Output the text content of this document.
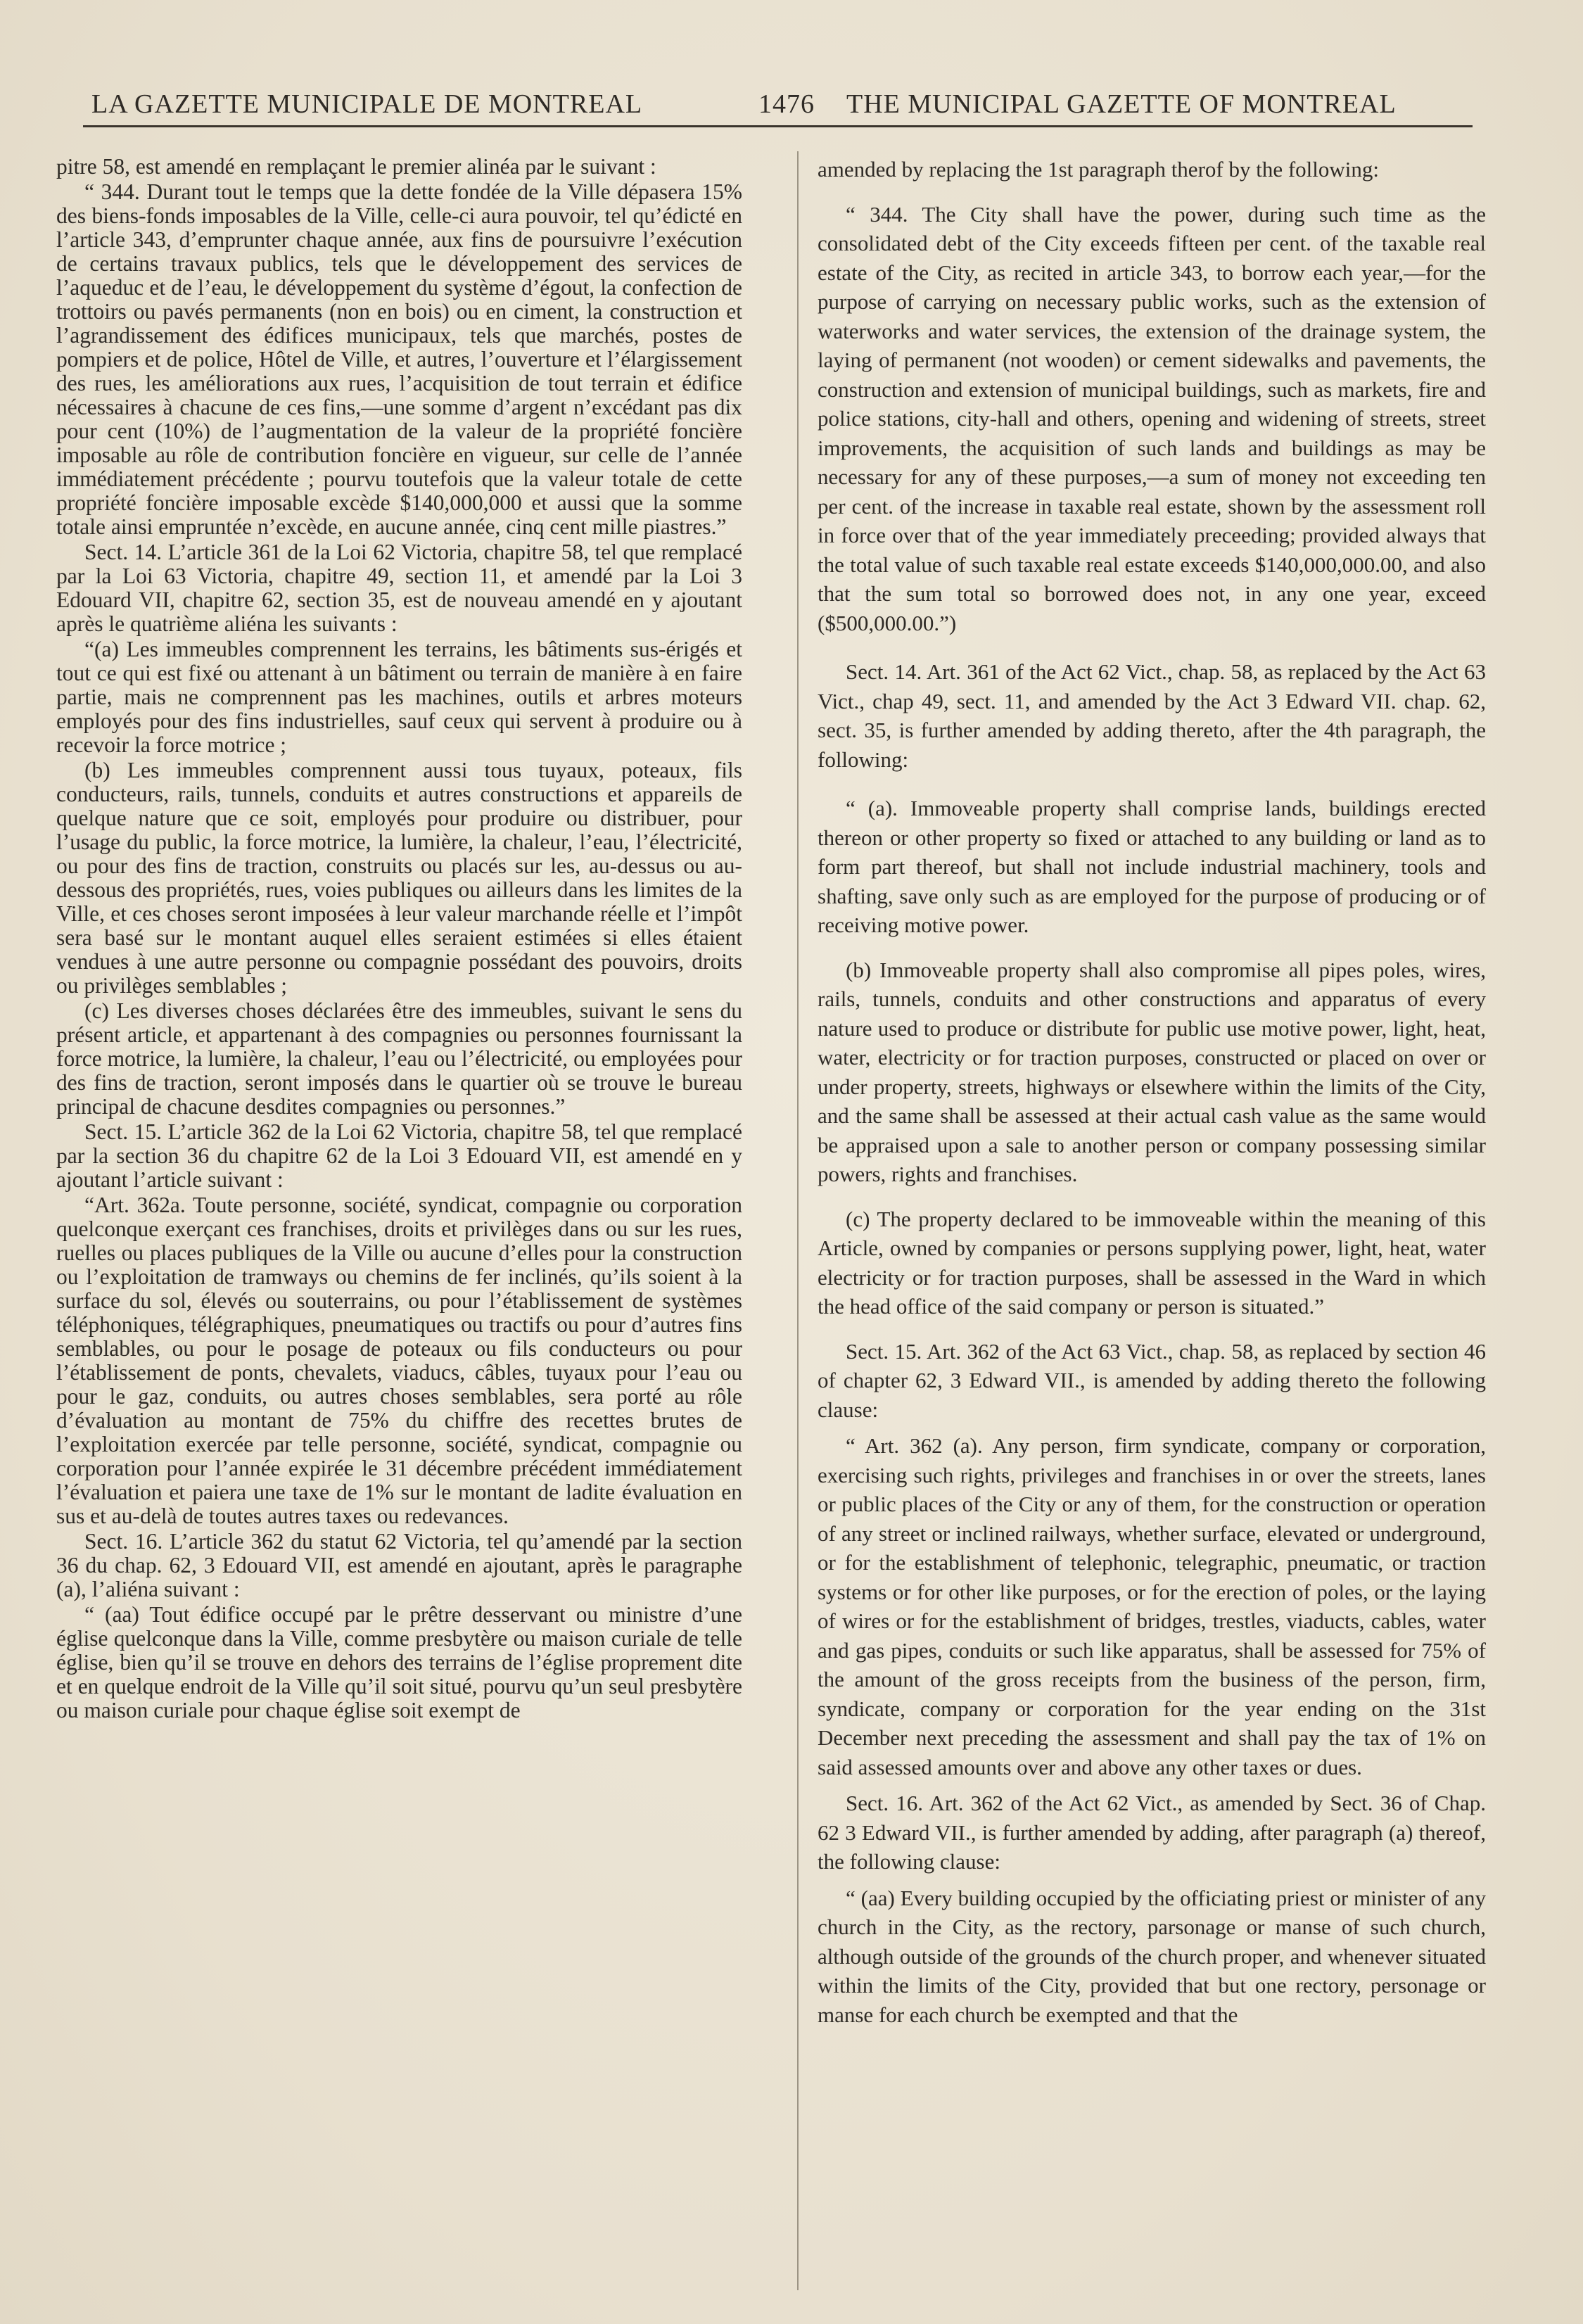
LA GAZETTE MUNICIPALE DE MONTREAL	1476 THE MUNICIPAL GAZETTE OF MONTREAL

pitre 58, est amendé en remplaçant le premier alinéa par le suivant :

“ 344. Durant tout le temps que la dette fondée de la Ville dépasera 15% des biens-fonds imposables de la Ville, celle-ci aura pouvoir, tel qu’édicté en l’article 343, d’emprunter chaque année, aux fins de poursuivre l’exécution de certains travaux publics, tels que le développement des services de l’aqueduc et de l’eau, le développement du système d’égout, la confection de trottoirs ou pavés permanents (non en bois) ou en ciment, la construction et l’agrandissement des édifices municipaux, tels que marchés, postes de pompiers et de police, Hôtel de Ville, et autres, l’ouverture et l’élargissement des rues, les améliorations aux rues, l’acquisition de tout terrain et édifice nécessaires à chacune de ces fins,—une somme d’argent n’excédant pas dix pour cent (10%) de l’augmentation de la valeur de la propriété foncière imposable au rôle de contribution foncière en vigueur, sur celle de l’année immédiatement précédente ; pourvu toutefois que la valeur totale de cette propriété foncière imposable excède $140,000,000 et aussi que la somme totale ainsi empruntée n’excède, en aucune année, cinq cent mille piastres.”

Sect. 14. L’article 361 de la Loi 62 Victoria, chapitre 58, tel que remplacé par la Loi 63 Victoria, chapitre 49, section 11, et amendé par la Loi 3 Edouard VII, chapitre 62, section 35, est de nouveau amendé en y ajoutant après le quatrième aliéna les suivants :

“(a) Les immeubles comprennent les terrains, les bâtiments sus-érigés et tout ce qui est fixé ou attenant à un bâtiment ou terrain de manière à en faire partie, mais ne comprennent pas les machines, outils et arbres moteurs employés pour des fins industrielles, sauf ceux qui servent à produire ou à recevoir la force motrice ;

(b) Les immeubles comprennent aussi tous tuyaux, poteaux, fils conducteurs, rails, tunnels, conduits et autres constructions et appareils de quelque nature que ce soit, employés pour produire ou distribuer, pour l’usage du public, la force motrice, la lumière, la chaleur, l’eau, l’électricité, ou pour des fins de traction, construits ou placés sur les, au-dessus ou au-dessous des propriétés, rues, voies publiques ou ailleurs dans les limites de la Ville, et ces choses seront imposées à leur valeur marchande réelle et l’impôt sera basé sur le montant auquel elles seraient estimées si elles étaient vendues à une autre personne ou compagnie possédant des pouvoirs, droits ou privilèges semblables ;

(c) Les diverses choses déclarées être des immeubles, suivant le sens du présent article, et appartenant à des compagnies ou personnes fournissant la force motrice, la lumière, la chaleur, l’eau ou l’électricité, ou employées pour des fins de traction, seront imposés dans le quartier où se trouve le bureau principal de chacune desdites compagnies ou personnes.”

Sect. 15. L’article 362 de la Loi 62 Victoria, chapitre 58, tel que remplacé par la section 36 du chapitre 62 de la Loi 3 Edouard VII, est amendé en y ajoutant l’article suivant :

“Art. 362a. Toute personne, société, syndicat, compagnie ou corporation quelconque exerçant ces franchises, droits et privilèges dans ou sur les rues, ruelles ou places publiques de la Ville ou aucune d’elles pour la construction ou l’exploitation de tramways ou chemins de fer inclinés, qu’ils soient à la surface du sol, élevés ou souterrains, ou pour l’établissement de systèmes téléphoniques, télégraphiques, pneumatiques ou tractifs ou pour d’autres fins semblables, ou pour le posage de poteaux ou fils conducteurs ou pour l’établissement de ponts, chevalets, viaducs, câbles, tuyaux pour l’eau ou pour le gaz, conduits, ou autres choses semblables, sera porté au rôle d’évaluation au montant de 75% du chiffre des recettes brutes de l’exploitation exercée par telle personne, société, syndicat, compagnie ou corporation pour l’année expirée le 31 décembre précédent immédiatement l’évaluation et paiera une taxe de 1% sur le montant de ladite évaluation en sus et au-delà de toutes autres taxes ou redevances.

Sect. 16. L’article 362 du statut 62 Victoria, tel qu’amendé par la section 36 du chap. 62, 3 Edouard VII, est amendé en ajoutant, après le paragraphe (a), l’aliéna suivant :

“ (aa) Tout édifice occupé par le prêtre desservant ou ministre d’une église quelconque dans la Ville, comme presbytère ou maison curiale de telle église, bien qu’il se trouve en dehors des terrains de l’église proprement dite et en quelque endroit de la Ville qu’il soit situé, pourvu qu’un seul presbytère ou maison curiale pour chaque église soit exempt de

amended by replacing the 1st paragraph therof by the following:

“ 344. The City shall have the power, during such time as the consolidated debt of the City exceeds fifteen per cent. of the taxable real estate of the City, as recited in article 343, to borrow each year,—for the purpose of carrying on necessary public works, such as the extension of waterworks and water services, the extension of the drainage system, the laying of permanent (not wooden) or cement sidewalks and pavements, the construction and extension of municipal buildings, such as markets, fire and police stations, city-hall and others, opening and widening of streets, street improvements, the acquisition of such lands and buildings as may be necessary for any of these purposes,—a sum of money not exceeding ten per cent. of the increase in taxable real estate, shown by the assessment roll in force over that of the year immediately preceeding; provided always that the total value of such taxable real estate exceeds $140,000,000.00, and also that the sum total so borrowed does not, in any one year, exceed ($500,000.00.”)

Sect. 14. Art. 361 of the Act 62 Vict., chap. 58, as replaced by the Act 63 Vict., chap 49, sect. 11, and amended by the Act 3 Edward VII. chap. 62, sect. 35, is further amended by adding thereto, after the 4th paragraph, the following:

“ (a). Immoveable property shall comprise lands, buildings erected thereon or other property so fixed or attached to any building or land as to form part thereof, but shall not include industrial machinery, tools and shafting, save only such as are employed for the purpose of producing or of receiving motive power.

(b) Immoveable property shall also compromise all pipes poles, wires, rails, tunnels, conduits and other constructions and apparatus of every nature used to produce or distribute for public use motive power, light, heat, water, electricity or for traction purposes, constructed or placed on over or under property, streets, highways or elsewhere within the limits of the City, and the same shall be assessed at their actual cash value as the same would be appraised upon a sale to another person or company possessing similar powers, rights and franchises.

(c) The property declared to be immoveable within the meaning of this Article, owned by companies or persons supplying power, light, heat, water electricity or for traction purposes, shall be assessed in the Ward in which the head office of the said company or person is situated.”

Sect. 15. Art. 362 of the Act 63 Vict., chap. 58, as replaced by section 46 of chapter 62, 3 Edward VII., is amended by adding thereto the following clause:

“ Art. 362 (a). Any person, firm syndicate, company or corporation, exercising such rights, privileges and franchises in or over the streets, lanes or public places of the City or any of them, for the construction or operation of any street or inclined railways, whether surface, elevated or underground, or for the establishment of telephonic, telegraphic, pneumatic, or traction systems or for other like purposes, or for the erection of poles, or the laying of wires or for the establishment of bridges, trestles, viaducts, cables, water and gas pipes, conduits or such like apparatus, shall be assessed for 75% of the amount of the gross receipts from the business of the person, firm, syndicate, company or corporation for the year ending on the 31st December next preceding the assessment and shall pay the tax of 1% on said assessed amounts over and above any other taxes or dues.

Sect. 16. Art. 362 of the Act 62 Vict., as amended by Sect. 36 of Chap. 62 3 Edward VII., is further amended by adding, after paragraph (a) thereof, the following clause:

“ (aa) Every building occupied by the officiating priest or minister of any church in the City, as the rectory, parsonage or manse of such church, although outside of the grounds of the church proper, and whenever situated within the limits of the City, provided that but one rectory, personage or manse for each church be exempted and that the
